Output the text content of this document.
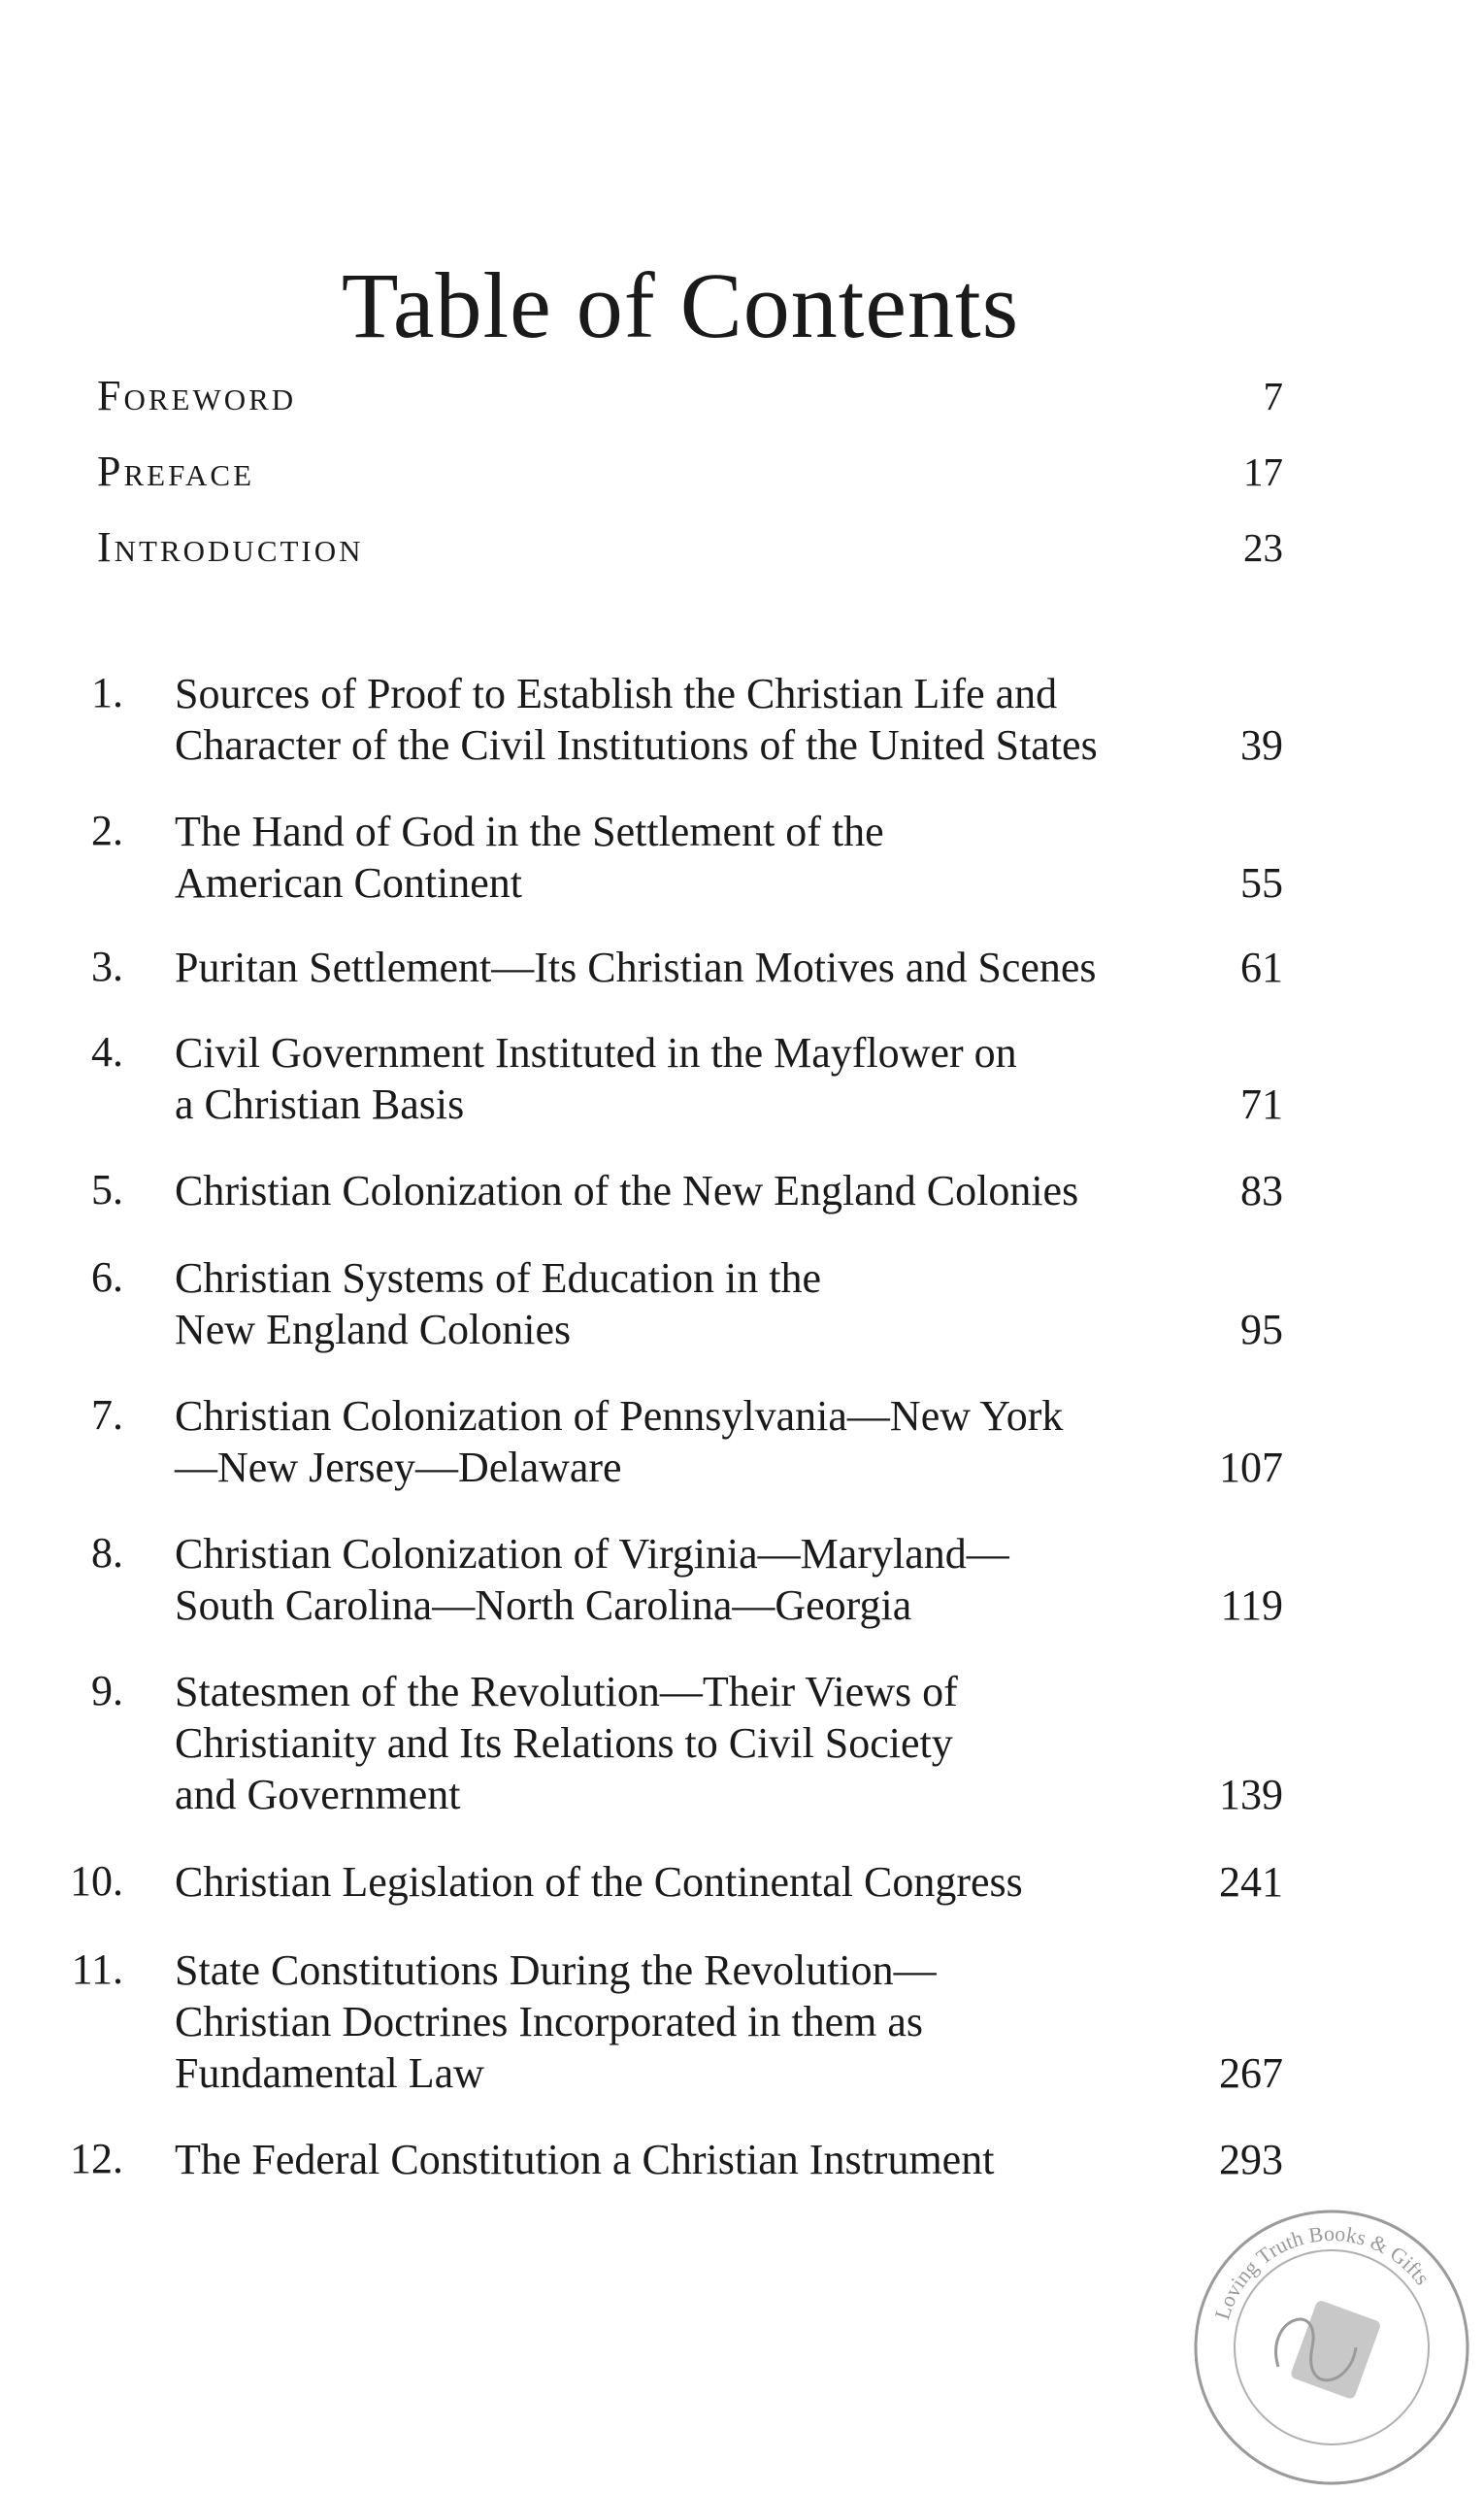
Table of Contents
Foreword	7
Preface	17
Introduction	23
1. Sources of Proof to Establish the Christian Life and
Character of the Civil Institutions of the United States	39
2. The Hand of God in the Settlement of the
American Continent	55
3. Puritan Settlement—Its Christian Motives and Scenes	61
4. Civil Government Instituted in the Mayflower on
a Christian Basis	71
5. Christian Colonization of the New England Colonies	83
6. Christian Systems of Education in the
New England Colonies	95
7. Christian Colonization of Pennsylvania—New York
—New Jersey—Delaware	107
8. Christian Colonization of Virginia—Maryland—
South Carolina—North Carolina—Georgia	119
9. Statesmen of the Revolution—Their Views of
Christianity and Its Relations to Civil Society
and Government	139
10. Christian Legislation of the Continental Congress	241
11. State Constitutions During the Revolution—
Christian Doctrines Incorporated in them as
Fundamental Law	267
12. The Federal Constitution a Christian Instrument	293
Loving Truth Books & Gifts
